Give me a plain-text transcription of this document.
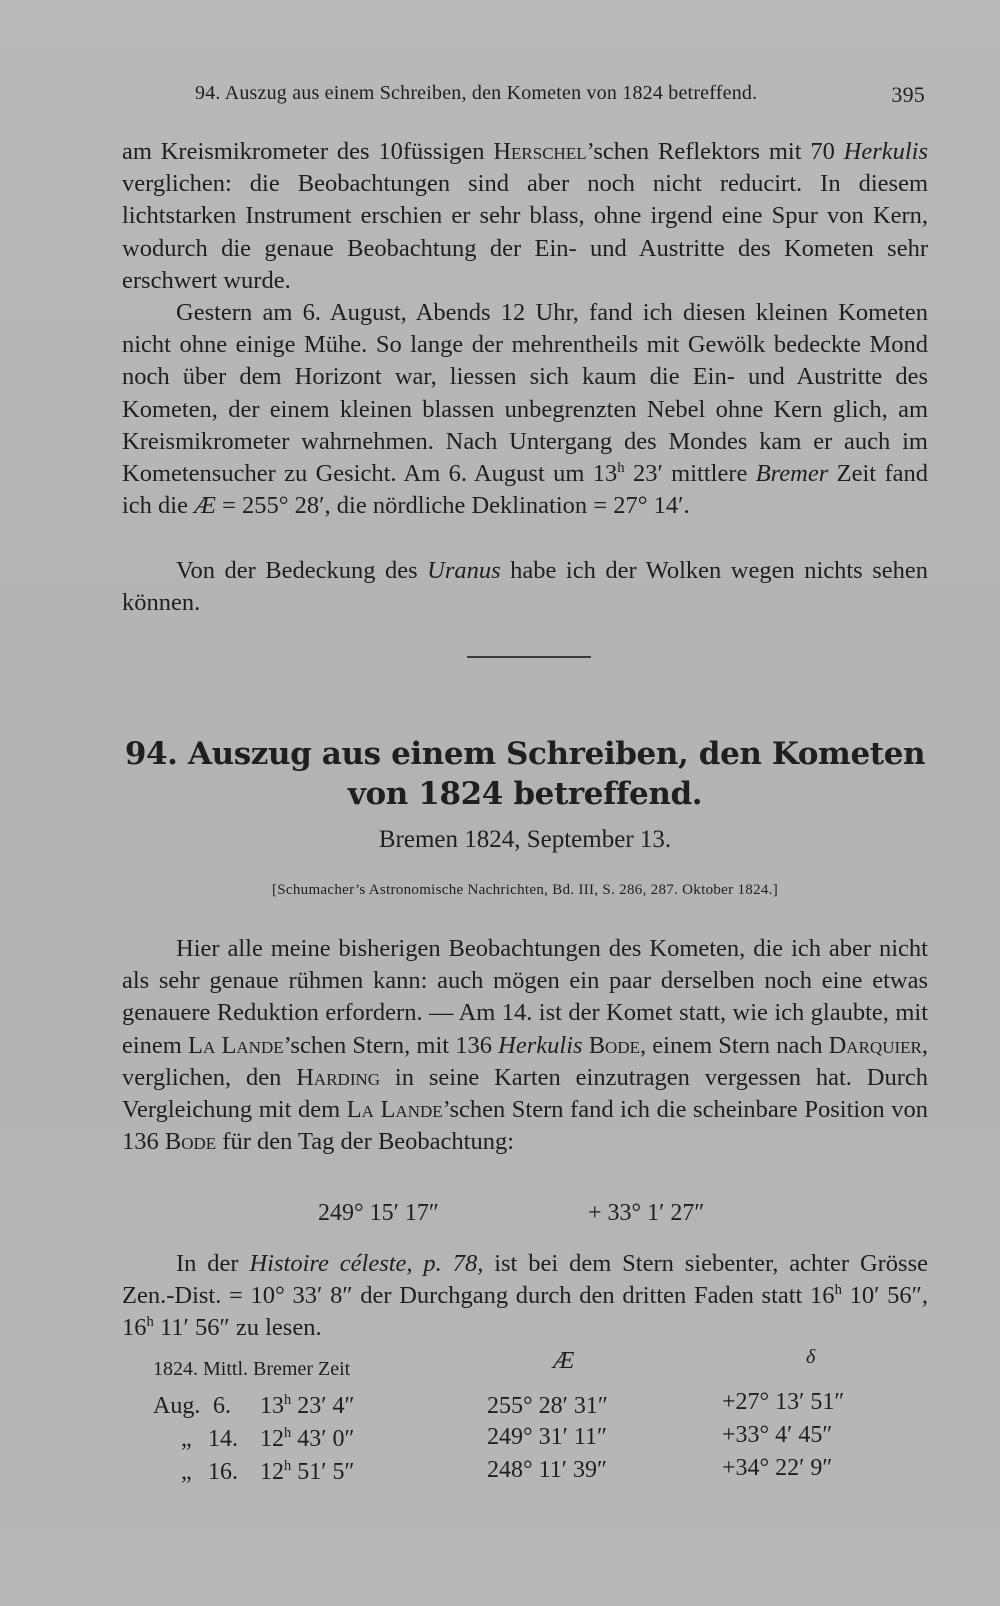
94. Auszug aus einem Schreiben, den Kometen von 1824 betreffend.	395

am Kreismikrometer des 10füssigen Herschel’schen Reflektors mit 70 Herkulis verglichen: die Beobachtungen sind aber noch nicht reducirt. In diesem lichtstarken Instrument erschien er sehr blass, ohne irgend eine Spur von Kern, wodurch die genaue Beobachtung der Ein- und Austritte des Kometen sehr erschwert wurde.

Gestern am 6. August, Abends 12 Uhr, fand ich diesen kleinen Kometen nicht ohne einige Mühe. So lange der mehrentheils mit Gewölk bedeckte Mond noch über dem Horizont war, liessen sich kaum die Ein- und Austritte des Kometen, der einem kleinen blassen unbegrenzten Nebel ohne Kern glich, am Kreismikrometer wahrnehmen. Nach Untergang des Mondes kam er auch im Kometensucher zu Gesicht. Am 6. August um 13$^h$ 23′ mittlere Bremer Zeit fand ich die Æ = 255° 28′, die nördliche Deklination = 27° 14′.

Von der Bedeckung des Uranus habe ich der Wolken wegen nichts sehen können.

94. Auszug aus einem Schreiben, den Kometen von 1824 betreffend.
Bremen 1824, September 13.
[Schumacher’s Astronomische Nachrichten, Bd. III, S. 286, 287. Oktober 1824.]

Hier alle meine bisherigen Beobachtungen des Kometen, die ich aber nicht als sehr genaue rühmen kann: auch mögen ein paar derselben noch eine etwas genauere Reduktion erfordern. — Am 14. ist der Komet statt, wie ich glaubte, mit einem La Lande’schen Stern, mit 136 Herkulis Bode, einem Stern nach Darquier, verglichen, den Harding in seine Karten einzutragen vergessen hat. Durch Vergleichung mit dem La Lande’schen Stern fand ich die scheinbare Position von 136 Bode für den Tag der Beobachtung:

249° 15′ 17″	+ 33° 1′ 27″

In der Histoire céleste, p. 78, ist bei dem Stern siebenter, achter Grösse Zen.-Dist. = 10° 33′ 8″ der Durchgang durch den dritten Faden statt 16$^h$ 10′ 56″, 16$^h$ 11′ 56″ zu lesen.

1824. Mittl. Bremer Zeit	Æ	δ
Aug. 6. 13$^h$ 23′ 4″	255° 28′ 31″	+27° 13′ 51″
„ 14. 12$^h$ 43′ 0″	249° 31′ 11″	+33° 4′ 45″
„ 16. 12$^h$ 51′ 5″	248° 11′ 39″	+34° 22′ 9″
